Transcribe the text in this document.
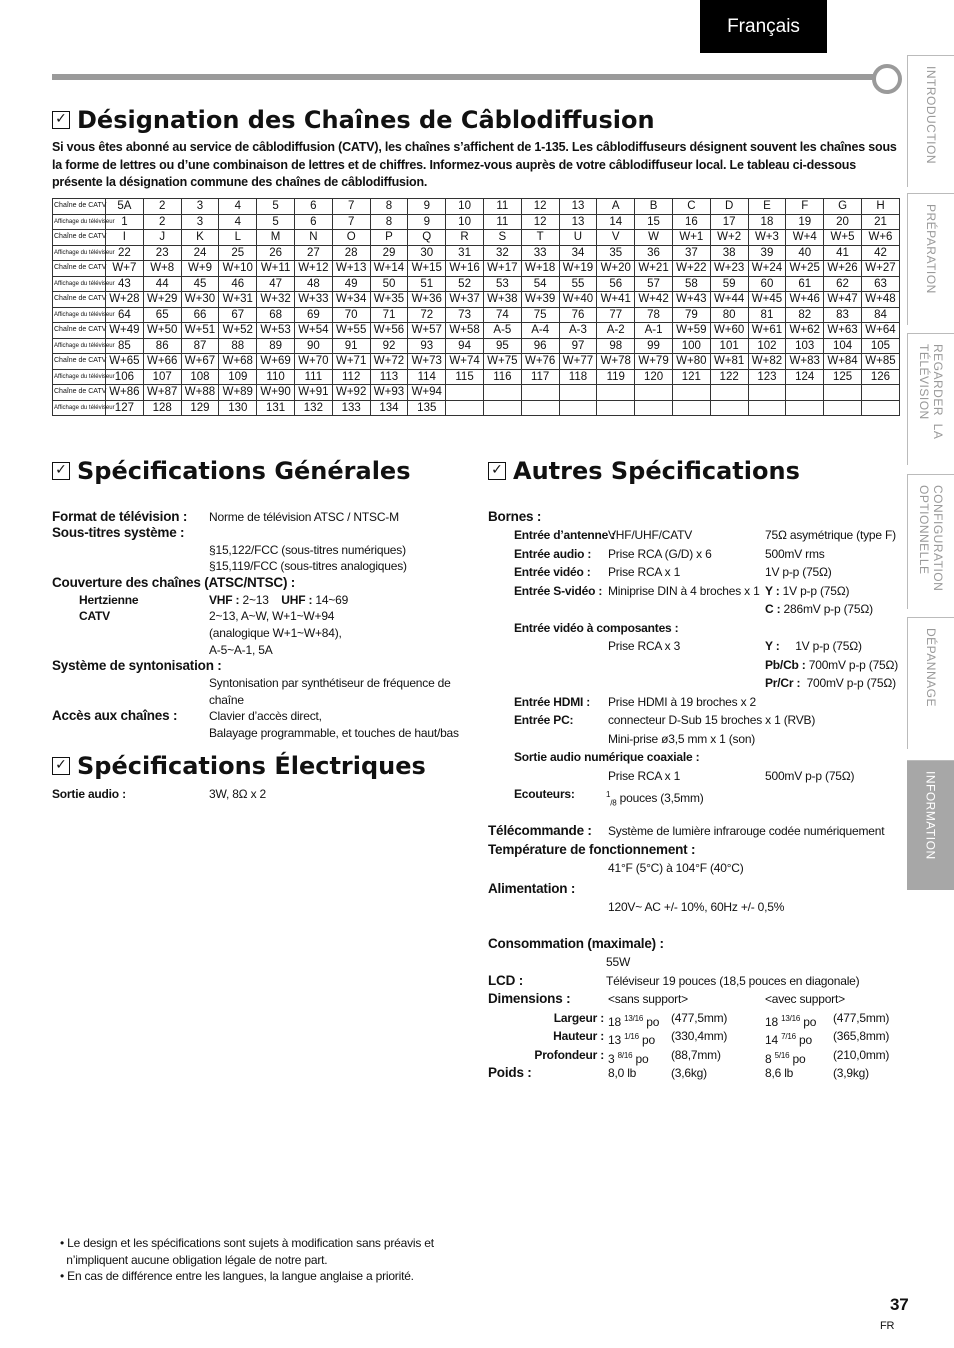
Français
INTRODUCTION
PRÉPARATION
REGARDER  LA
TÉLÉVISION
CONFIGURATION
OPTIONNELLE
DÉPANNAGE
INFORMATION
✓ Désignation des Chaînes de Câblodiffusion
Si vous êtes abonné au service de câblodiffusion (CATV), les chaînes s’affichent de 1-135. Les câblodiffuseurs désignent souvent les chaînes sous la forme de lettres ou d’une combinaison de lettres et de chiffres. Informez-vous auprès de votre câblodiffuseur local. Le tableau ci-dessous présente la désignation commune des chaînes de câblodiffusion.
Chaîne de CATV	5A	2	3	4	5	6	7	8	9	10	11	12	13	A	B	C	D	E	F	G	H
Affichage du téléviseur	1	2	3	4	5	6	7	8	9	10	11	12	13	14	15	16	17	18	19	20	21
Chaîne de CATV	I	J	K	L	M	N	O	P	Q	R	S	T	U	V	W	W+1	W+2	W+3	W+4	W+5	W+6
Affichage du téléviseur	22	23	24	25	26	27	28	29	30	31	32	33	34	35	36	37	38	39	40	41	42
Chaîne de CATV	W+7	W+8	W+9	W+10	W+11	W+12	W+13	W+14	W+15	W+16	W+17	W+18	W+19	W+20	W+21	W+22	W+23	W+24	W+25	W+26	W+27
Affichage du téléviseur	43	44	45	46	47	48	49	50	51	52	53	54	55	56	57	58	59	60	61	62	63
Chaîne de CATV	W+28	W+29	W+30	W+31	W+32	W+33	W+34	W+35	W+36	W+37	W+38	W+39	W+40	W+41	W+42	W+43	W+44	W+45	W+46	W+47	W+48
Affichage du téléviseur	64	65	66	67	68	69	70	71	72	73	74	75	76	77	78	79	80	81	82	83	84
Chaîne de CATV	W+49	W+50	W+51	W+52	W+53	W+54	W+55	W+56	W+57	W+58	A-5	A-4	A-3	A-2	A-1	W+59	W+60	W+61	W+62	W+63	W+64
Affichage du téléviseur	85	86	87	88	89	90	91	92	93	94	95	96	97	98	99	100	101	102	103	104	105
Chaîne de CATV	W+65	W+66	W+67	W+68	W+69	W+70	W+71	W+72	W+73	W+74	W+75	W+76	W+77	W+78	W+79	W+80	W+81	W+82	W+83	W+84	W+85
Affichage du téléviseur	106	107	108	109	110	111	112	113	114	115	116	117	118	119	120	121	122	123	124	125	126
Chaîne de CATV	W+86	W+87	W+88	W+89	W+90	W+91	W+92	W+93	W+94												
Affichage du téléviseur	127	128	129	130	131	132	133	134	135												
✓ Spécifications Générales
Format de télévision : Norme de télévision ATSC / NTSC-M
Sous-titres système :
§15,122/FCC (sous-titres numériques)
§15,119/FCC (sous-titres analogiques)
Couverture des chaînes (ATSC/NTSC) :
Hertzienne	VHF : 2~13 UHF : 14~69
CATV	2~13, A~W, W+1~W+94
(analogique W+1~W+84),
A-5~A-1, 5A
Système de syntonisation :
Syntonisation par synthétiseur de fréquence de
chaîne
Accès aux chaînes :	Clavier d’accès direct,
Balayage programmable, et touches de haut/bas
✓ Spécifications Électriques
Sortie audio :	3W, 8Ω x 2
✓ Autres Spécifications
Bornes :
Entrée d’antenne :
VHF/UHF/CATV	75Ω asymétrique (type F)
Entrée audio : Prise RCA (G/D) x 6	500mV rms
Entrée vidéo : Prise RCA x 1	1V p-p (75Ω)
Entrée S-vidéo : Miniprise DIN à 4 broches x 1 Y : 1V p-p (75Ω)
C : 286mV p-p (75Ω)
Entrée vidéo à composantes :
Prise RCA x 3	Y : 1V p-p (75Ω)
Pb/Cb : 700mV p-p (75Ω)
Pr/Cr : 700mV p-p (75Ω)
Entrée HDMI : Prise HDMI à 19 broches x 2
Entrée PC:	connecteur D-Sub 15 broches x 1 (RVB)
Mini-prise ø3,5 mm x 1 (son)
Sortie audio numérique coaxiale :
Prise RCA x 1	500mV p-p (75Ω)
Ecouteurs:	$^1_{/8}$ pouces (3,5mm)
Télécommande : Système de lumière infrarouge codée numériquement
Température de fonctionnement :
41°F (5°C) à 104°F (40°C)
Alimentation :
120V~ AC +/- 10%, 60Hz +/- 0,5%
Consommation (maximale) :
55W
LCD :	Téléviseur 19 pouces (18,5 pouces en diagonale)
Dimensions :	<sans support>	<avec support>
Largeur : 18 $^{13/16}$ po (477,5mm)	18 $^{13/16}$ po (477,5mm)
Hauteur : 13 $^{1/16}$ po (330,4mm)	14 $^{7/16}$ po (365,8mm)
Profondeur : 3 $^{8/16}$ po (88,7mm)	8 $^{5/16}$ po (210,0mm)
Poids :	8,0 lb	(3,6kg)	8,6 lb	(3,9kg)
• Le design et les spécifications sont sujets à modification sans préavis et
n’impliquent aucune obligation légale de notre part.
• En cas de différence entre les langues, la langue anglaise a priorité.
37
FR
